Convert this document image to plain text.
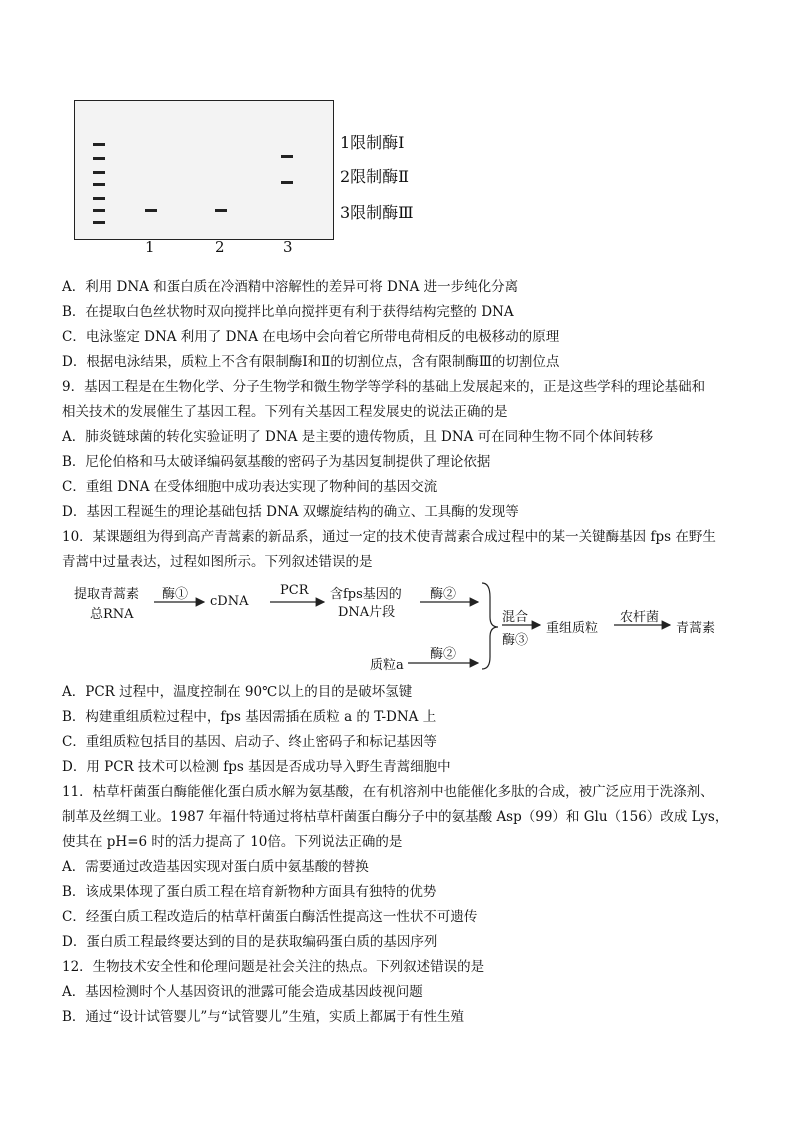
1限制酶Ⅰ
2限制酶Ⅱ
3限制酶Ⅲ
1	2	3
A．利用 DNA 和蛋白质在冷酒精中溶解性的差异可将 DNA 进一步纯化分离
B．在提取白色丝状物时双向搅拌比单向搅拌更有利于获得结构完整的 DNA
C．电泳鉴定 DNA 利用了 DNA 在电场中会向着它所带电荷相反的电极移动的原理
D．根据电泳结果，质粒上不含有限制酶Ⅰ和Ⅱ的切割位点，含有限制酶Ⅲ的切割位点
9．基因工程是在生物化学、分子生物学和微生物学等学科的基础上发展起来的，正是这些学科的理论基础和
相关技术的发展催生了基因工程。下列有关基因工程发展史的说法正确的是
A．肺炎链球菌的转化实验证明了 DNA 是主要的遗传物质，且 DNA 可在同种生物不同个体间转移
B．尼伦伯格和马太破译编码氨基酸的密码子为基因复制提供了理论依据
C．重组 DNA 在受体细胞中成功表达实现了物种间的基因交流
D．基因工程诞生的理论基础包括 DNA 双螺旋结构的确立、工具酶的发现等
10．某课题组为得到高产青蒿素的新品系，通过一定的技术使青蒿素合成过程中的某一关键酶基因 fps 在野生
青蒿中过量表达，过程如图所示。下列叙述错误的是
提取青蒿素
总RNA
酶① cDNA
PCR 含fps基因的
DNA片段
酶②
质粒a
酶②
混合
酶③
重组质粒
农杆菌
青蒿素
A．PCR 过程中，温度控制在 90℃以上的目的是破坏氢键
B．构建重组质粒过程中，fps 基因需插在质粒 a 的 T-DNA 上
C．重组质粒包括目的基因、启动子、终止密码子和标记基因等
D．用 PCR 技术可以检测 fps 基因是否成功导入野生青蒿细胞中
11．枯草杆菌蛋白酶能催化蛋白质水解为氨基酸，在有机溶剂中也能催化多肽的合成，被广泛应用于洗涤剂、
制革及丝绸工业。1987 年福什特通过将枯草杆菌蛋白酶分子中的氨基酸 Asp（99）和 Glu（156）改成 Lys，
使其在 pH=6 时的活力提高了 10倍。下列说法正确的是
A．需要通过改造基因实现对蛋白质中氨基酸的替换
B．该成果体现了蛋白质工程在培育新物种方面具有独特的优势
C．经蛋白质工程改造后的枯草杆菌蛋白酶活性提高这一性状不可遗传
D．蛋白质工程最终要达到的目的是获取编码蛋白质的基因序列
12．生物技术安全性和伦理问题是社会关注的热点。下列叙述错误的是
A．基因检测时个人基因资讯的泄露可能会造成基因歧视问题
B．通过“设计试管婴儿”与“试管婴儿”生殖，实质上都属于有性生殖
